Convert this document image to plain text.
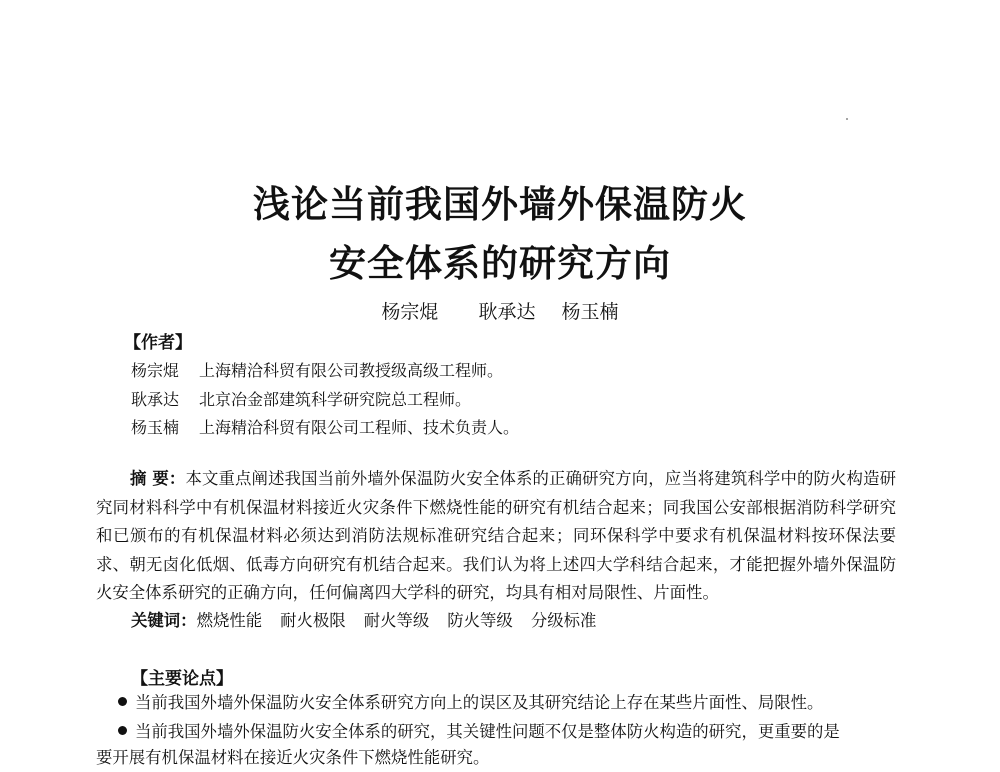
浅论当前我国外墙外保温防火
安全体系的研究方向
杨宗焜 耿承达 杨玉楠
【作者】
杨宗焜 上海精洽科贸有限公司教授级高级工程师。
耿承达 北京冶金部建筑科学研究院总工程师。
杨玉楠 上海精洽科贸有限公司工程师、技术负责人。

摘 要：本文重点阐述我国当前外墙外保温防火安全体系的正确研究方向，应当将建筑科学中的防火构造研究同材料科学中有机保温材料接近火灾条件下燃烧性能的研究有机结合起来；同我国公安部根据消防科学研究和已颁布的有机保温材料必须达到消防法规标准研究结合起来；同环保科学中要求有机保温材料按环保法要求、朝无卤化低烟、低毒方向研究有机结合起来。我们认为将上述四大学科结合起来，才能把握外墙外保温防火安全体系研究的正确方向，任何偏离四大学科的研究，均具有相对局限性、片面性。

关键词：燃烧性能 耐火极限 耐火等级 防火等级 分级标准
【主要论点】
当前我国外墙外保温防火安全体系研究方向上的误区及其研究结论上存在某些片面性、局限性。
当前我国外墙外保温防火安全体系的研究，其关键性问题不仅是整体防火构造的研究，更重要的是
要开展有机保温材料在接近火灾条件下燃烧性能研究。
